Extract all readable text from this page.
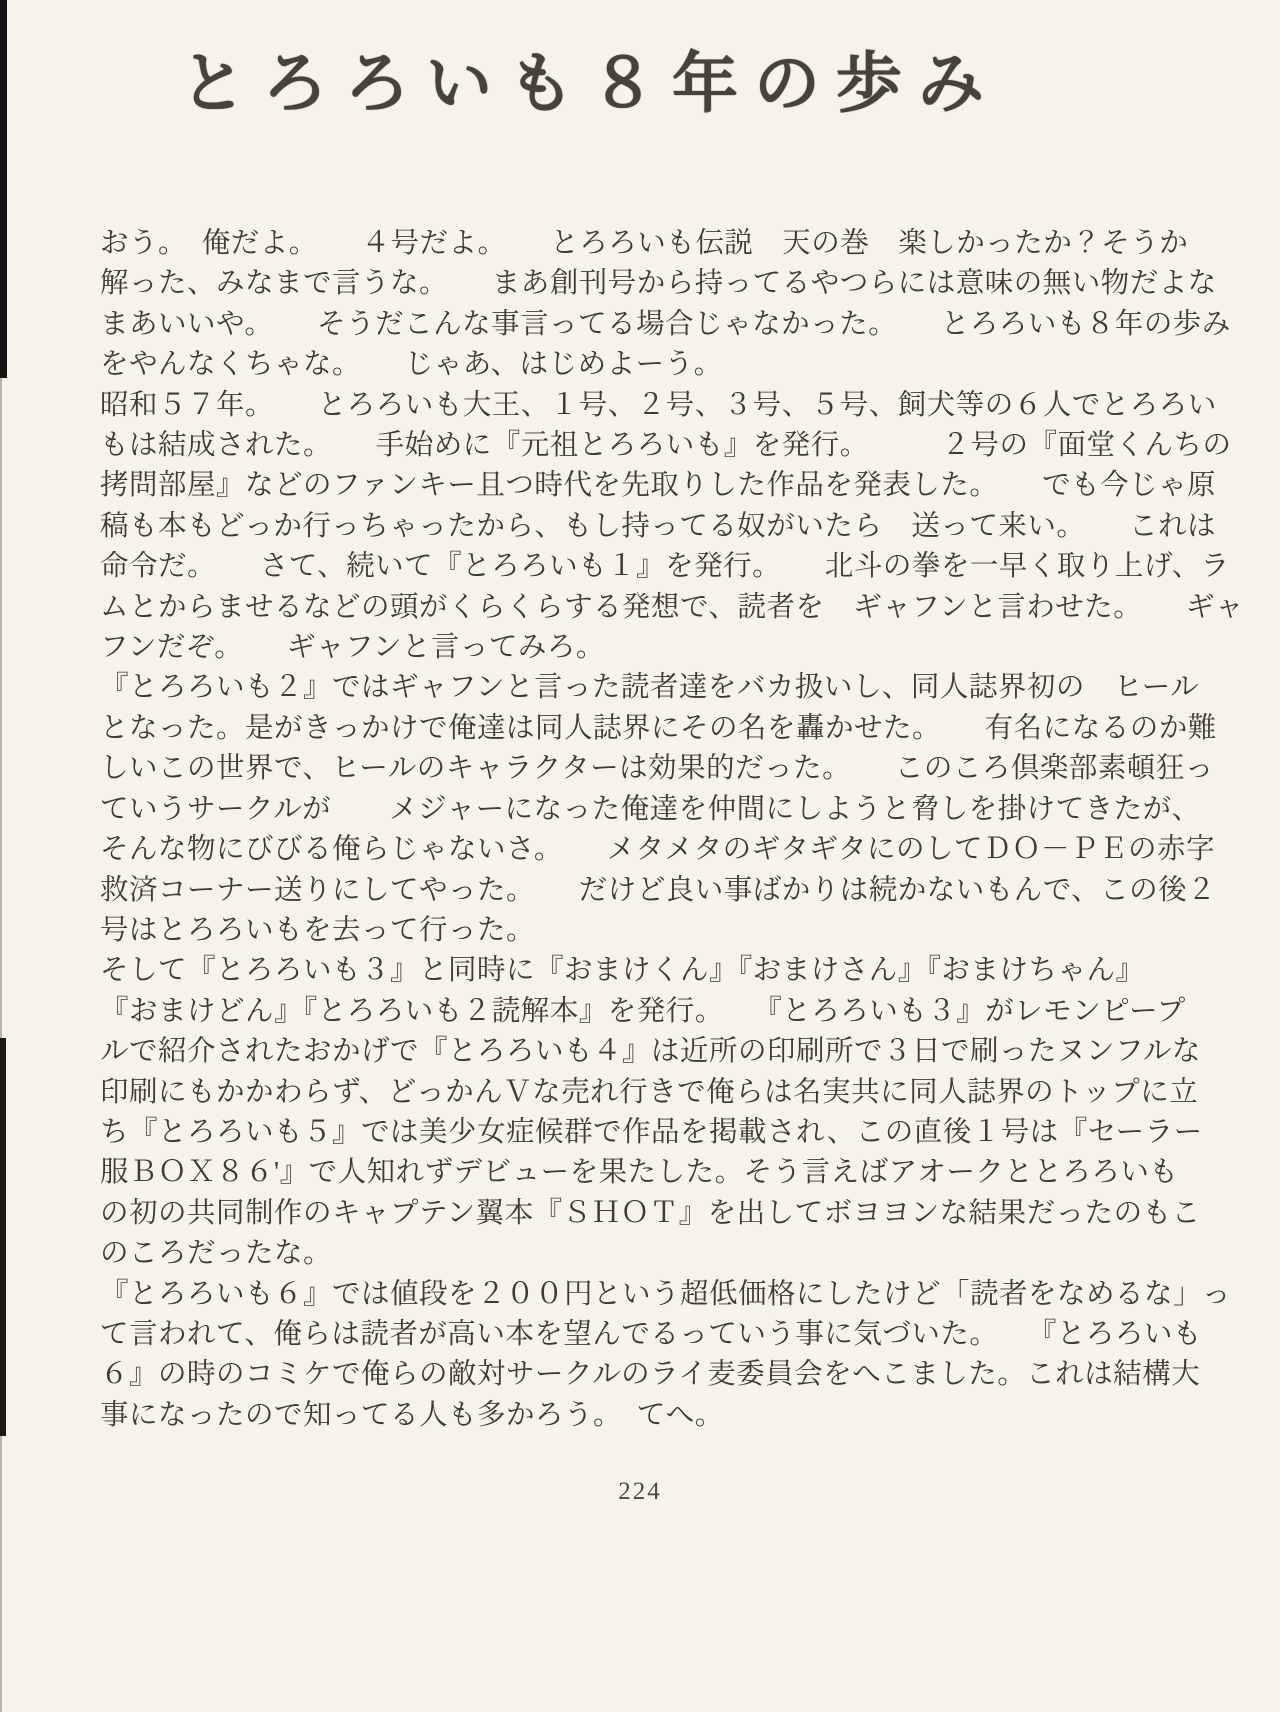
とろろいも８年の歩み
おう。　俺だよ。　　４号だよ。　　とろろいも伝説　天の巻　楽しかったか？そうか
解った、みなまで言うな。　　まあ創刊号から持ってるやつらには意味の無い物だよな
まあいいや。　　そうだこんな事言ってる場合じゃなかった。　　とろろいも８年の歩み
をやんなくちゃな。　　じゃあ、はじめよーう。
昭和５７年。　　とろろいも大王、１号、２号、３号、５号、飼犬等の６人でとろろい
もは結成された。　　手始めに『元祖とろろいも』を発行。　　　２号の『面堂くんちの
拷問部屋』などのファンキー且つ時代を先取りした作品を発表した。　　でも今じゃ原
稿も本もどっか行っちゃったから、もし持ってる奴がいたら　送って来い。　　これは
命令だ。　　さて、続いて『とろろいも１』を発行。　　北斗の拳を一早く取り上げ、ラ
ムとからませるなどの頭がくらくらする発想で、読者を　ギャフンと言わせた。　　ギャ
フンだぞ。　　ギャフンと言ってみろ。
『とろろいも２』ではギャフンと言った読者達をバカ扱いし、同人誌界初の　ヒール
となった。是がきっかけで俺達は同人誌界にその名を轟かせた。　　有名になるのか難
しいこの世界で、ヒールのキャラクターは効果的だった。　　このころ倶楽部素頓狂っ
ていうサークルが　　メジャーになった俺達を仲間にしようと脅しを掛けてきたが、
そんな物にびびる俺らじゃないさ。　　メタメタのギタギタにのしてＤＯ－ＰＥの赤字
救済コーナー送りにしてやった。　　だけど良い事ばかりは続かないもんで、この後２
号はとろろいもを去って行った。
そして『とろろいも３』と同時に『おまけくん』『おまけさん』『おまけちゃん』
『おまけどん』『とろろいも２読解本』を発行。　　『とろろいも３』がレモンピープ
ルで紹介されたおかげで『とろろいも４』は近所の印刷所で３日で刷ったヌンフルな
印刷にもかかわらず、どっかんＶな売れ行きで俺らは名実共に同人誌界のトップに立
ち『とろろいも５』では美少女症候群で作品を掲載され、この直後１号は『セーラー
服ＢＯＸ８６'』で人知れずデビューを果たした。そう言えばアオークととろろいも
の初の共同制作のキャプテン翼本『ＳＨＯＴ』を出してボヨヨンな結果だったのもこ
のころだったな。
『とろろいも６』では値段を２００円という超低価格にしたけど「読者をなめるな」っ
て言われて、俺らは読者が高い本を望んでるっていう事に気づいた。　　『とろろいも
６』の時のコミケで俺らの敵対サークルのライ麦委員会をへこました。これは結構大
事になったので知ってる人も多かろう。　てへ。
224
